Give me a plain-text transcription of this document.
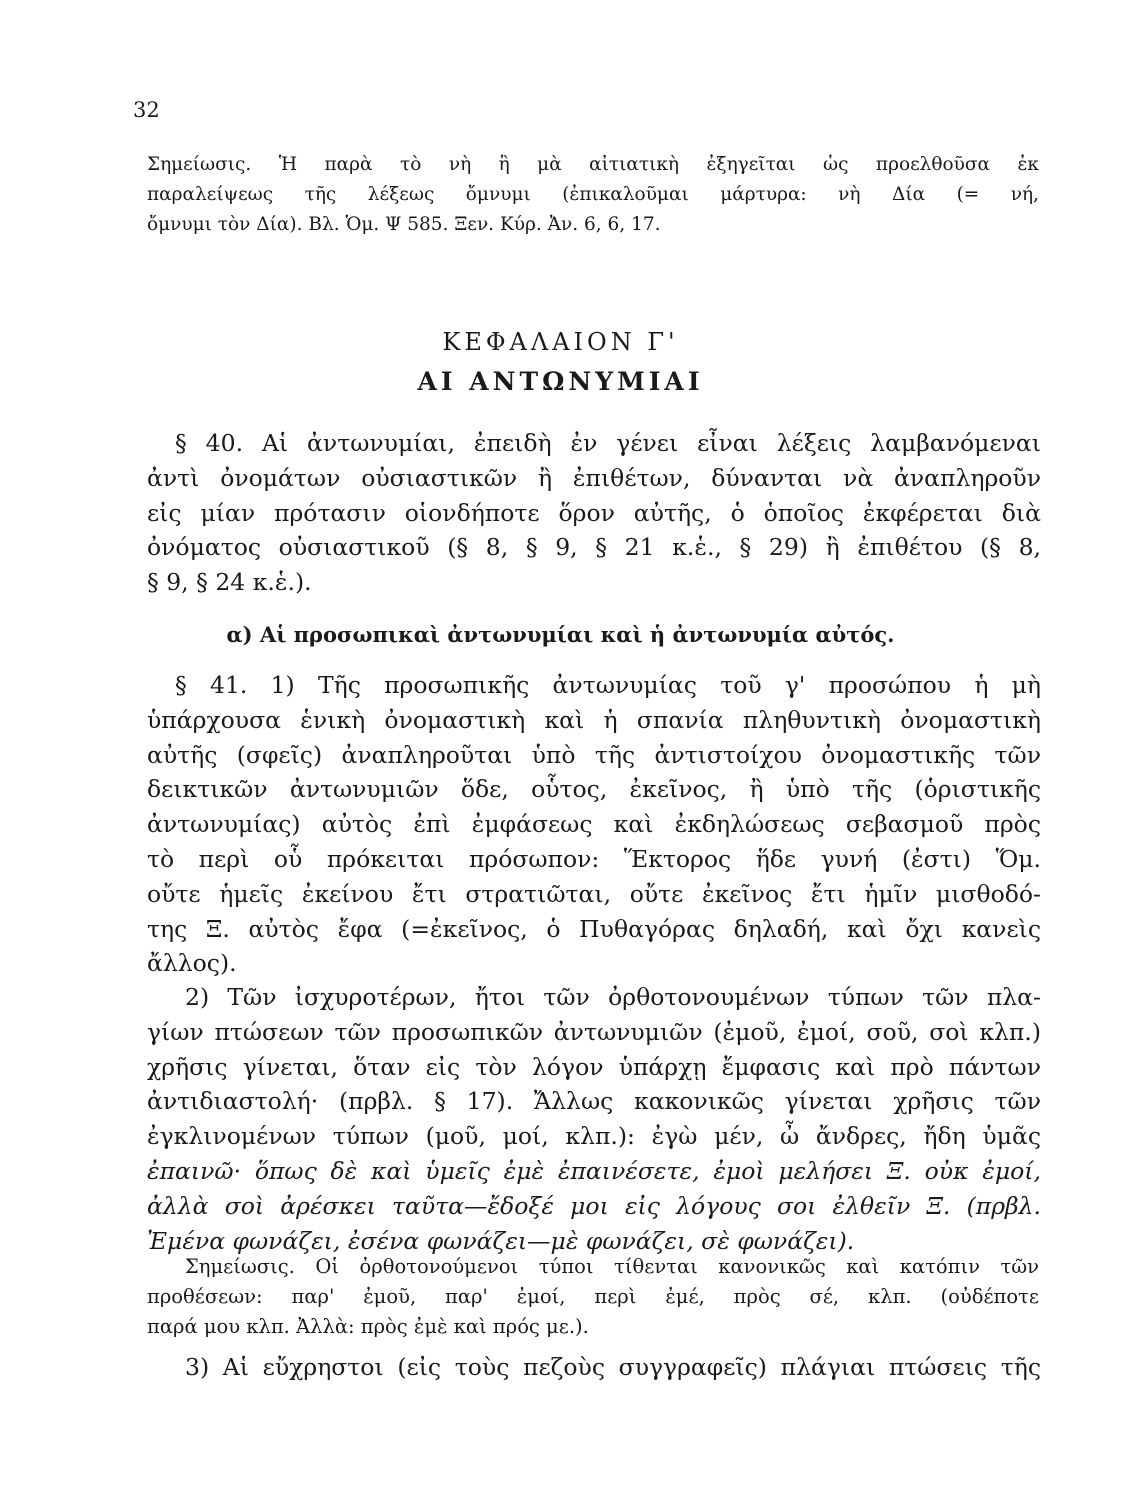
32
Σημείωσις. Ἡ παρὰ τὸ νὴ ἢ μὰ αἰτιατικὴ ἐξηγεῖται ὡς προελθοῦσα ἐκ
παραλείψεως τῆς λέξεως ὄμνυμι (ἐπικαλοῦμαι μάρτυρα: νὴ Δία (= νή,
ὄμνυμι τὸν Δία). Βλ. Ὁμ. Ψ 585. Ξεν. Κύρ. Ἀν. 6, 6, 17.
ΚΕΦΑΛΑΙΟΝ Γ'
ΑΙ ΑΝΤΩΝΥΜΙΑΙ
§ 40. Αἱ ἀντωνυμίαι, ἐπειδὴ ἐν γένει εἶναι λέξεις λαμβανόμεναι
ἀντὶ ὀνομάτων οὐσιαστικῶν ἢ ἐπιθέτων, δύνανται νὰ ἀναπληροῦν
εἰς μίαν πρότασιν οἱονδήποτε ὅρον αὐτῆς, ὁ ὁποῖος ἐκφέρεται διὰ
ὀνόματος οὐσιαστικοῦ (§ 8, § 9, § 21 κ.ἑ., § 29) ἢ ἐπιθέτου (§ 8,
§ 9, § 24 κ.ἑ.).
α) Αἱ προσωπικαὶ ἀντωνυμίαι καὶ ἡ ἀντωνυμία αὐτός.
§ 41. 1) Τῆς προσωπικῆς ἀντωνυμίας τοῦ γ' προσώπου ἡ μὴ
ὑπάρχουσα ἑνικὴ ὀνομαστικὴ καὶ ἡ σπανία πληθυντικὴ ὀνομαστικὴ
αὐτῆς (σφεῖς) ἀναπληροῦται ὑπὸ τῆς ἀντιστοίχου ὀνομαστικῆς τῶν
δεικτικῶν ἀντωνυμιῶν ὅδε, οὗτος, ἐκεῖνος, ἢ ὑπὸ τῆς (ὁριστικῆς
ἀντωνυμίας) αὐτὸς ἐπὶ ἐμφάσεως καὶ ἐκδηλώσεως σεβασμοῦ πρὸς
τὸ περὶ οὗ πρόκειται πρόσωπον: Ἕκτορος ἥδε γυνή (ἐστι) Ὅμ.
οὔτε ἡμεῖς ἐκείνου ἔτι στρατιῶται, οὔτε ἐκεῖνος ἔτι ἡμῖν μισθοδό-
της Ξ. αὐτὸς ἔφα (=ἐκεῖνος, ὁ Πυθαγόρας δηλαδή, καὶ ὄχι κανεὶς
ἄλλος).
2) Τῶν ἰσχυροτέρων, ἤτοι τῶν ὀρθοτονουμένων τύπων τῶν πλα-
γίων πτώσεων τῶν προσωπικῶν ἀντωνυμιῶν (ἐμοῦ, ἐμοί, σοῦ, σοὶ κλπ.)
χρῆσις γίνεται, ὅταν εἰς τὸν λόγον ὑπάρχῃ ἔμφασις καὶ πρὸ πάντων
ἀντιδιαστολή· (πρβλ. § 17). Ἄλλως κακονικῶς γίνεται χρῆσις τῶν
ἐγκλινομένων τύπων (μοῦ, μοί, κλπ.): ἐγὼ μέν, ὦ ἄνδρες, ἤδη ὑμᾶς
ἐπαινῶ· ὅπως δὲ καὶ ὑμεῖς ἐμὲ ἐπαινέσετε, ἐμοὶ μελήσει Ξ. οὐκ ἐμοί,
ἀλλὰ σοὶ ἀρέσκει ταῦτα—ἔδοξέ μοι εἰς λόγους σοι ἐλθεῖν Ξ. (πρβλ.
Ἐμένα φωνάζει, ἐσένα φωνάζει—μὲ φωνάζει, σὲ φωνάζει).
Σημείωσις. Οἱ ὀρθοτονούμενοι τύποι τίθενται κανονικῶς καὶ κατόπιν τῶν
προθέσεων: παρ' ἐμοῦ, παρ' ἐμοί, περὶ ἐμέ, πρὸς σέ, κλπ. (οὐδέποτε
παρά μου κλπ. Ἀλλὰ: πρὸς ἐμὲ καὶ πρός με.).
3) Αἱ εὔχρηστοι (εἰς τοὺς πεζοὺς συγγραφεῖς) πλάγιαι πτώσεις τῆς
